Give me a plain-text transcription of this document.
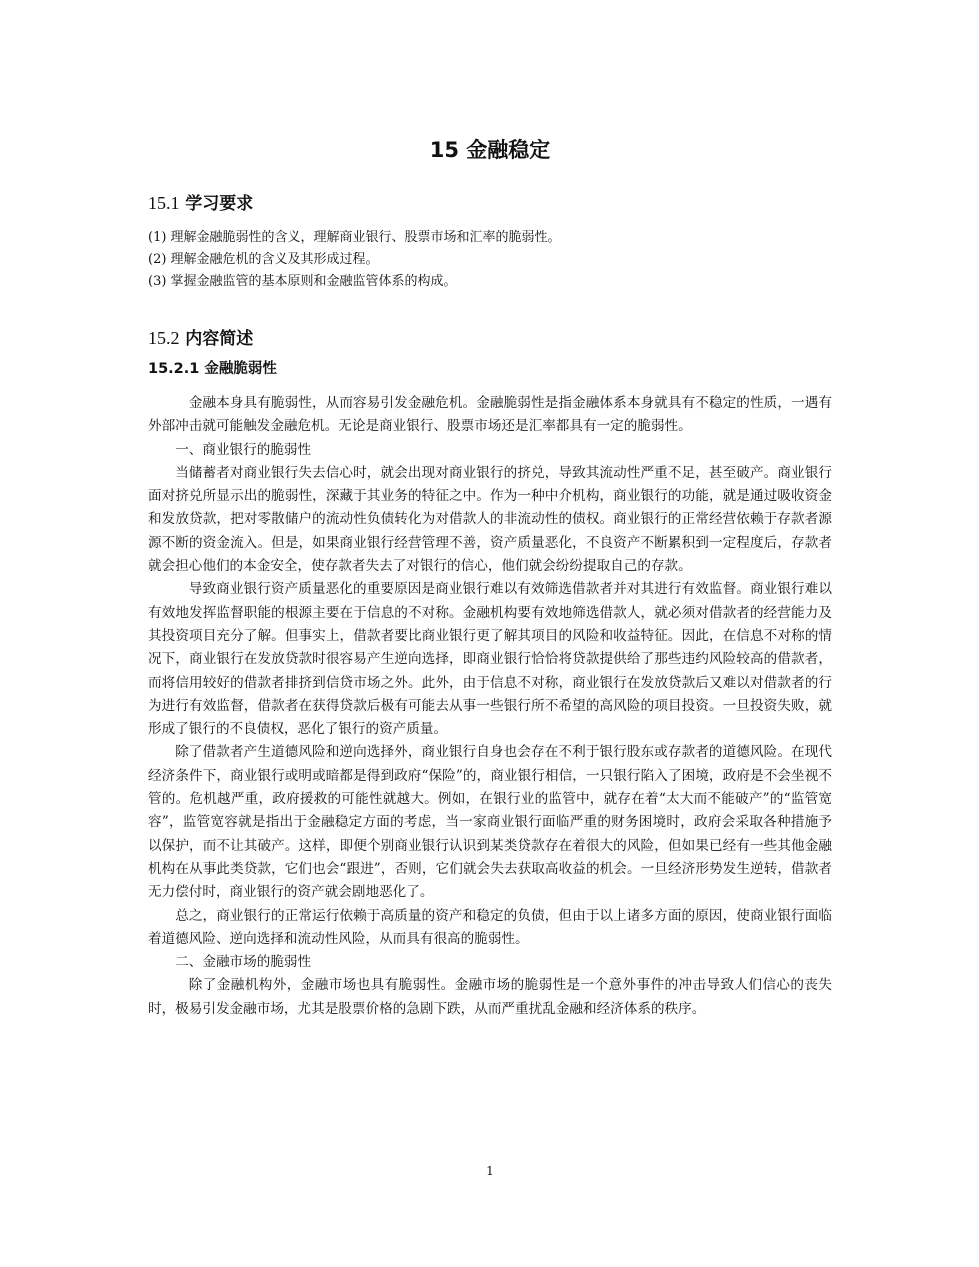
15 金融稳定
15.1 学习要求
(1) 理解金融脆弱性的含义，理解商业银行、股票市场和汇率的脆弱性。
(2) 理解金融危机的含义及其形成过程。
(3) 掌握金融监管的基本原则和金融监管体系的构成。
15.2 内容简述
15.2.1 金融脆弱性

金融本身具有脆弱性，从而容易引发金融危机。金融脆弱性是指金融体系本身就具有不稳定的性质，一遇有外部冲击就可能触发金融危机。无论是商业银行、股票市场还是汇率都具有一定的脆弱性。

一、商业银行的脆弱性

当储蓄者对商业银行失去信心时，就会出现对商业银行的挤兑，导致其流动性严重不足，甚至破产。商业银行面对挤兑所显示出的脆弱性，深藏于其业务的特征之中。作为一种中介机构，商业银行的功能，就是通过吸收资金和发放贷款，把对零散储户的流动性负债转化为对借款人的非流动性的债权。商业银行的正常经营依赖于存款者源源不断的资金流入。但是，如果商业银行经营管理不善，资产质量恶化，不良资产不断累积到一定程度后，存款者就会担心他们的本金安全，使存款者失去了对银行的信心，他们就会纷纷提取自己的存款。

导致商业银行资产质量恶化的重要原因是商业银行难以有效筛选借款者并对其进行有效监督。商业银行难以有效地发挥监督职能的根源主要在于信息的不对称。金融机构要有效地筛选借款人，就必须对借款者的经营能力及其投资项目充分了解。但事实上，借款者要比商业银行更了解其项目的风险和收益特征。因此，在信息不对称的情况下，商业银行在发放贷款时很容易产生逆向选择，即商业银行恰恰将贷款提供给了那些违约风险较高的借款者，而将信用较好的借款者排挤到信贷市场之外。此外，由于信息不对称，商业银行在发放贷款后又难以对借款者的行为进行有效监督，借款者在获得贷款后极有可能去从事一些银行所不希望的高风险的项目投资。一旦投资失败，就形成了银行的不良债权，恶化了银行的资产质量。

除了借款者产生道德风险和逆向选择外，商业银行自身也会存在不利于银行股东或存款者的道德风险。在现代经济条件下，商业银行或明或暗都是得到政府“保险”的，商业银行相信，一只银行陷入了困境，政府是不会坐视不管的。危机越严重，政府援救的可能性就越大。例如，在银行业的监管中，就存在着“太大而不能破产”的“监管宽容”，监管宽容就是指出于金融稳定方面的考虑，当一家商业银行面临严重的财务困境时，政府会采取各种措施予以保护，而不让其破产。这样，即便个别商业银行认识到某类贷款存在着很大的风险，但如果已经有一些其他金融机构在从事此类贷款，它们也会“跟进”，否则，它们就会失去获取高收益的机会。一旦经济形势发生逆转，借款者无力偿付时，商业银行的资产就会剧地恶化了。

总之，商业银行的正常运行依赖于高质量的资产和稳定的负债，但由于以上诸多方面的原因，使商业银行面临着道德风险、逆向选择和流动性风险，从而具有很高的脆弱性。

二、金融市场的脆弱性

除了金融机构外，金融市场也具有脆弱性。金融市场的脆弱性是一个意外事件的冲击导致人们信心的丧失时，极易引发金融市场，尤其是股票价格的急剧下跌，从而严重扰乱金融和经济体系的秩序。

1
